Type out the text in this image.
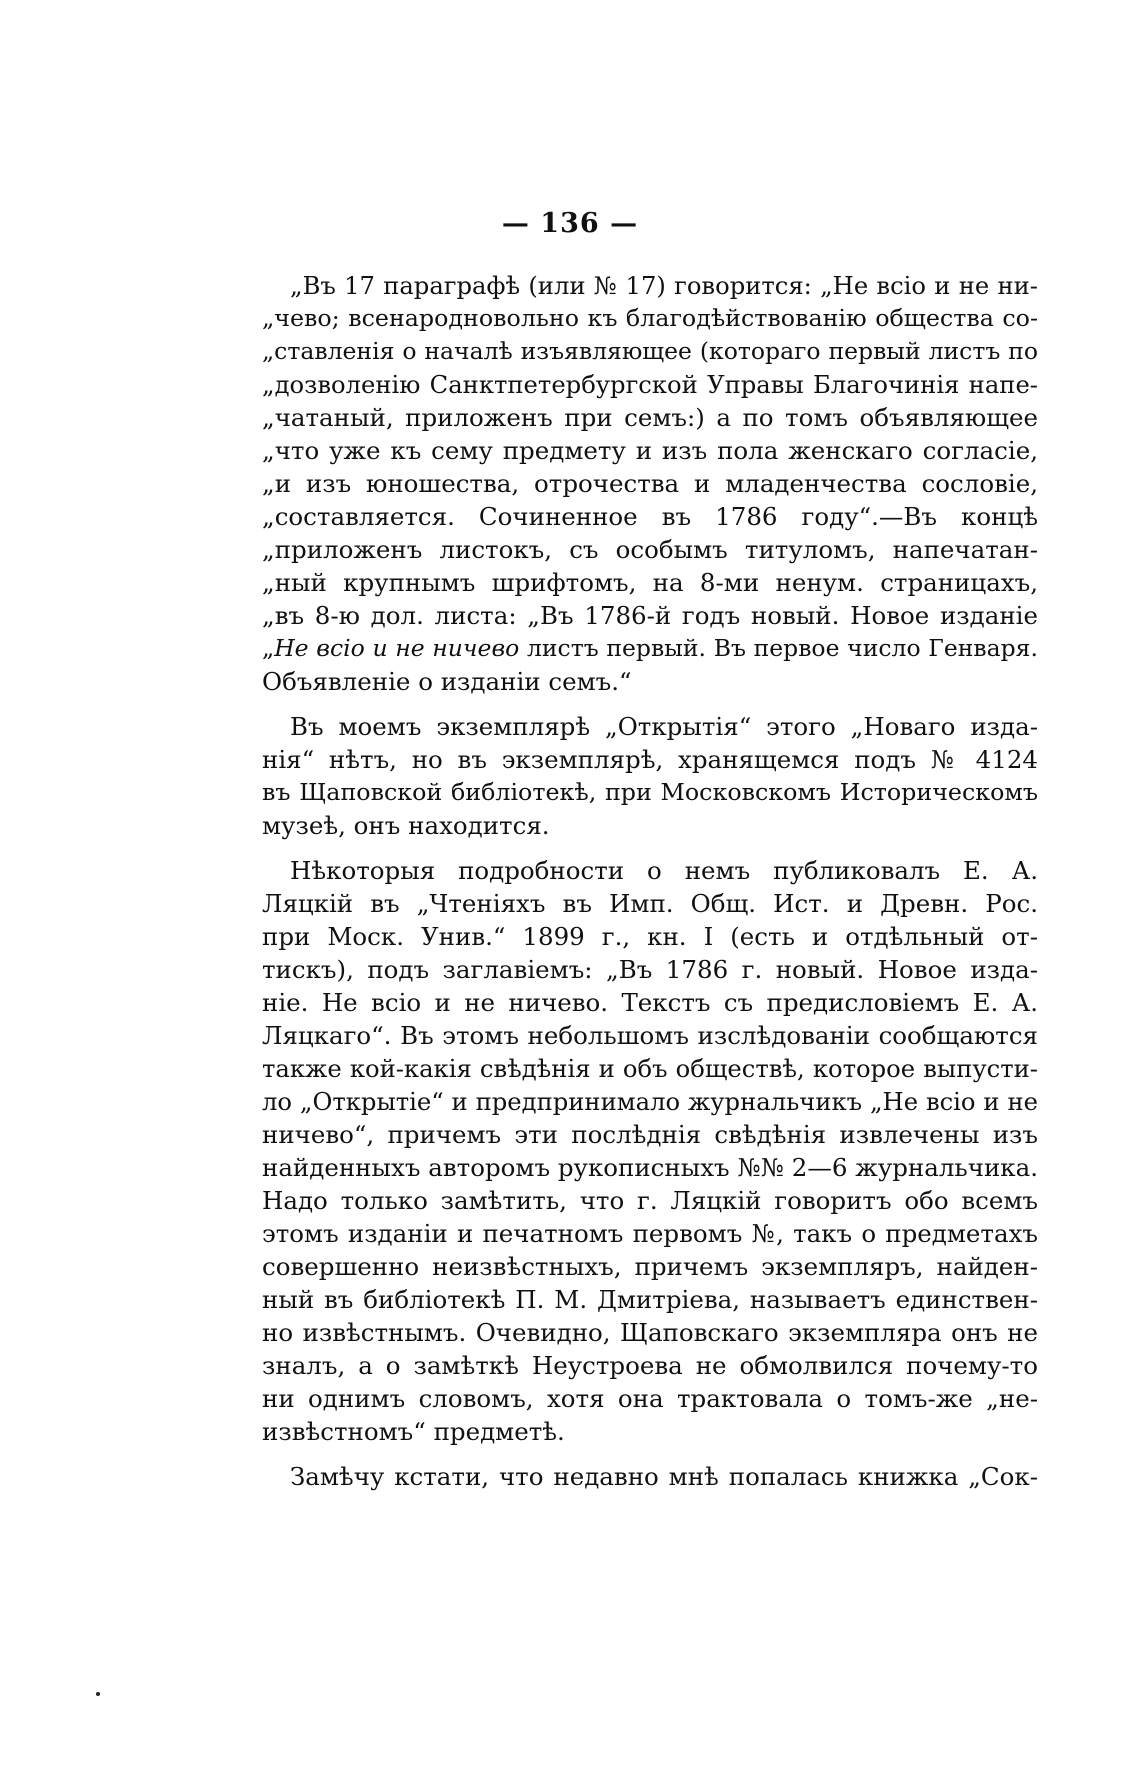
— 136 —
„Въ 17 параграфѣ (или № 17) говорится: „Не всio и не ни-
„чево; всенародновольно къ благодѣйствованiю общества со-
„ставленiя о началѣ изъявляющее (котораго первый листъ по
„дозволенiю Санктпетербургской Управы Благочинiя напе-
„чатаный, приложенъ при семъ:) а по томъ объявляющее
„что уже къ сему предмету и изъ пола женскаго согласiе,
„и изъ юношества, отрочества и младенчества сословiе,
„составляется. Сочиненное въ 1786 году“.—Въ концѣ
„приложенъ листокъ, съ особымъ титуломъ, напечатан-
„ный крупнымъ шрифтомъ, на 8-ми ненум. страницахъ,
„въ 8-ю дол. листа: „Въ 1786-й годъ новый. Новое изданiе
„Не всio и не ничево листъ первый. Въ первое число Генваря.
Объявленiе о изданiи семъ.“
Въ моемъ экземплярѣ „Открытiя“ этого „Новаго изда-
нiя“ нѣтъ, но въ экземплярѣ, хранящемся подъ № 4124
въ Щаповской библiотекѣ, при Московскомъ Историческомъ
музеѣ, онъ находится.
Нѣкоторыя подробности о немъ публиковалъ Е. А.
Ляцкiй въ „Чтенiяхъ въ Имп. Общ. Ист. и Древн. Рос.
при Моск. Унив.“ 1899 г., кн. I (есть и отдѣльный от-
тискъ), подъ заглавiемъ: „Въ 1786 г. новый. Новое изда-
нiе. Не всio и не ничево. Текстъ съ предисловiемъ Е. А.
Ляцкаго“. Въ этомъ небольшомъ изслѣдованiи сообщаются
также кой-какiя свѣдѣнiя и объ обществѣ, которое выпусти-
ло „Открытiе“ и предпринимало журнальчикъ „Не всio и не
ничево“, причемъ эти послѣднiя свѣдѣнiя извлечены изъ
найденныхъ авторомъ рукописныхъ №№ 2—6 журнальчика.
Надо только замѣтить, что г. Ляцкiй говоритъ обо всемъ
этомъ изданiи и печатномъ первомъ №, такъ о предметахъ
совершенно неизвѣстныхъ, причемъ экземпляръ, найден-
ный въ библiотекѣ П. М. Дмитрiева, называетъ единствен-
но извѣстнымъ. Очевидно, Щаповскаго экземпляра онъ не
зналъ, а о замѣткѣ Неустроева не обмолвился почему-то
ни однимъ словомъ, хотя она трактовала о томъ-же „не-
извѣстномъ“ предметѣ.
Замѣчу кстати, что недавно мнѣ попалась книжка „Сок-
